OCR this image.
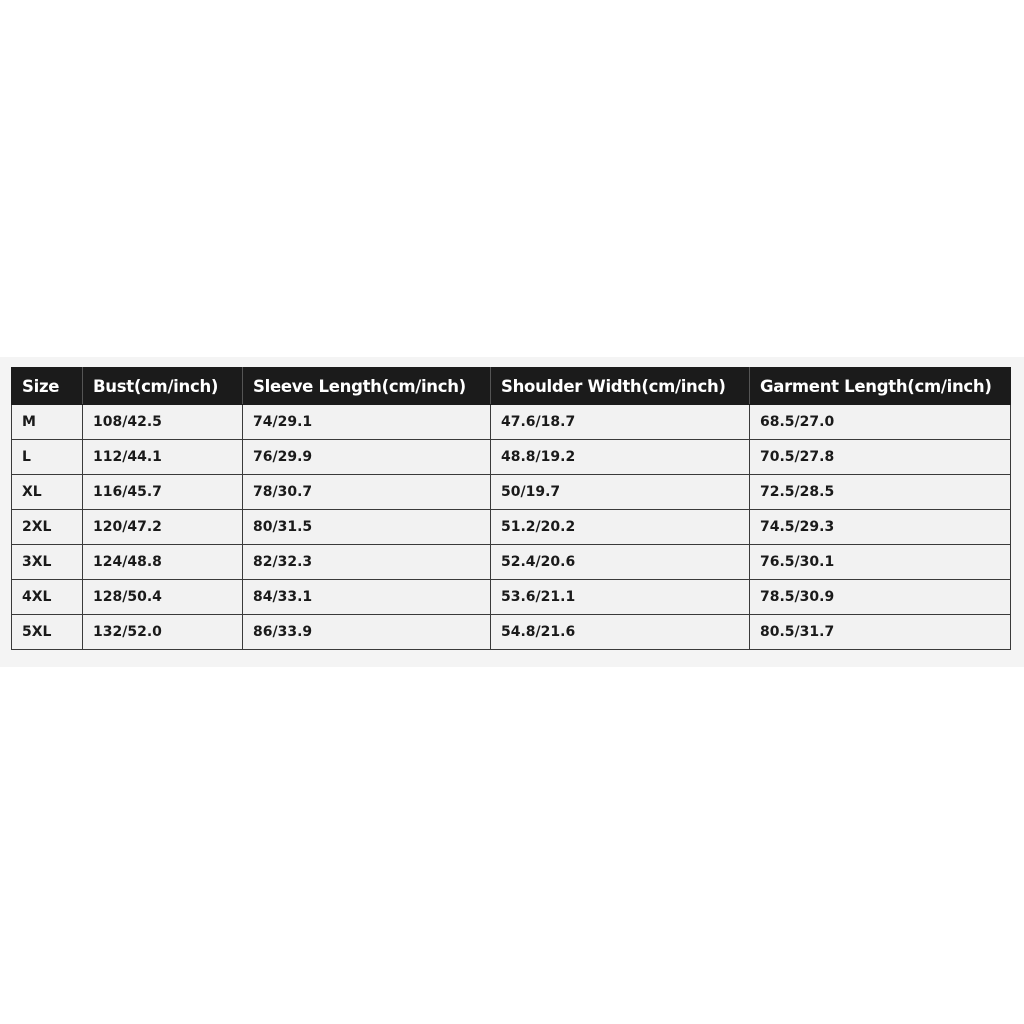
Size	Bust(cm/inch)	Sleeve Length(cm/inch)	Shoulder Width(cm/inch)	Garment Length(cm/inch)
M	108/42.5	74/29.1	47.6/18.7	68.5/27.0
L	112/44.1	76/29.9	48.8/19.2	70.5/27.8
XL	116/45.7	78/30.7	50/19.7	72.5/28.5
2XL	120/47.2	80/31.5	51.2/20.2	74.5/29.3
3XL	124/48.8	82/32.3	52.4/20.6	76.5/30.1
4XL	128/50.4	84/33.1	53.6/21.1	78.5/30.9
5XL	132/52.0	86/33.9	54.8/21.6	80.5/31.7
